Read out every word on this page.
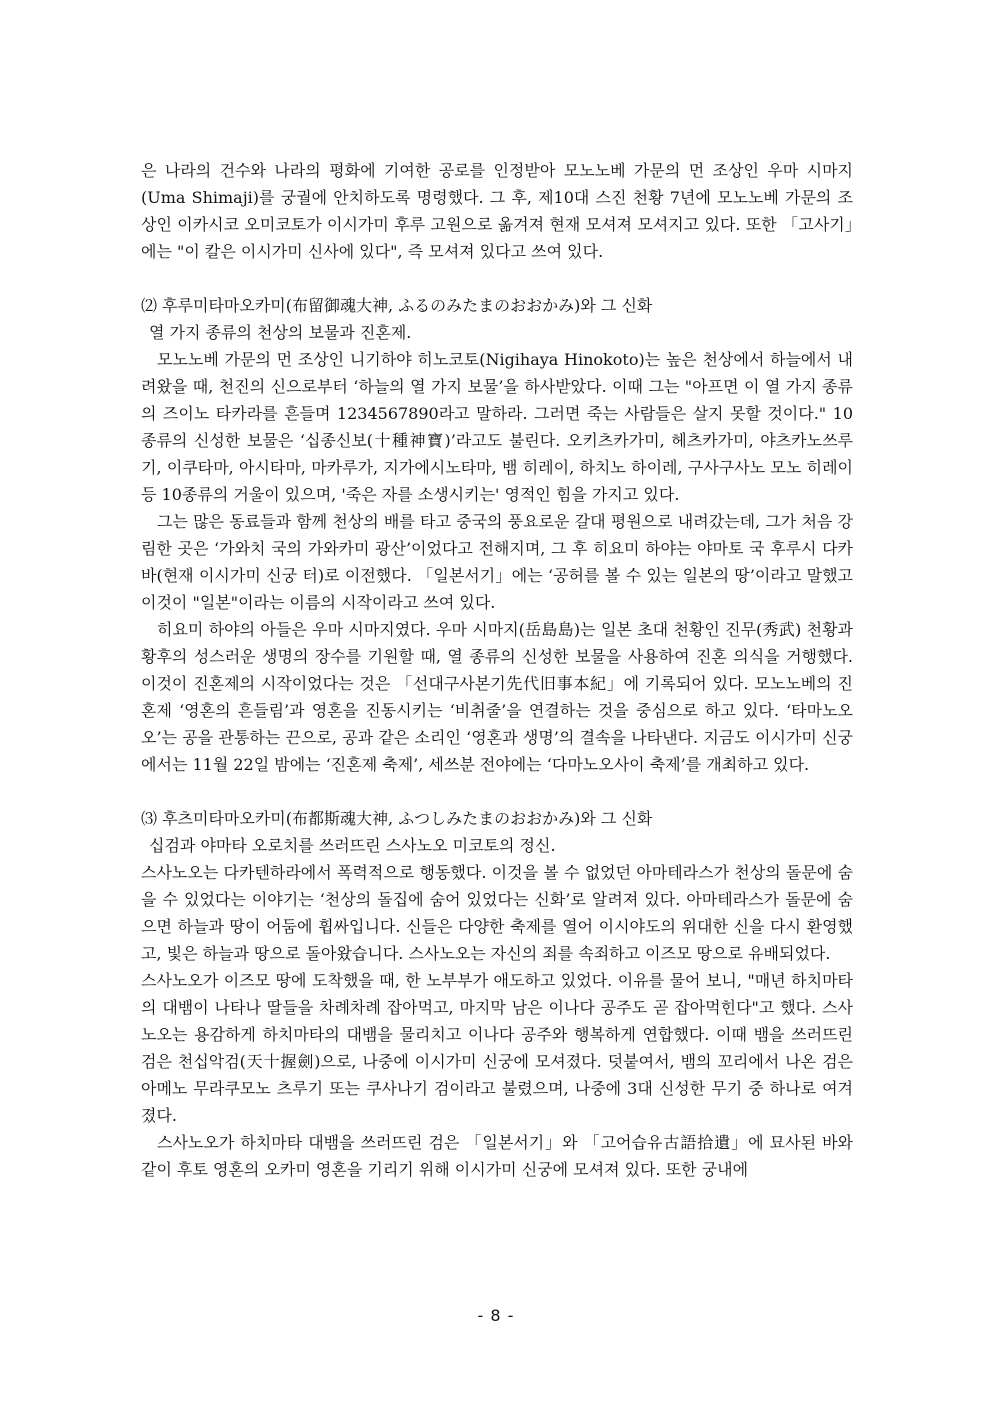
은 나라의 건수와 나라의 평화에 기여한 공로를 인정받아 모노노베 가문의 먼 조상인 우마 시마지(Uma Shimaji)를 궁궐에 안치하도록 명령했다. 그 후, 제10대 스진 천황 7년에 모노노베 가문의 조상인 이카시코 오미코토가 이시가미 후루 고원으로 옮겨져 현재 모셔져 모셔지고 있다. 또한 「고사기」에는 "이 칼은 이시가미 신사에 있다", 즉 모셔져 있다고 쓰여 있다.

⑵ 후루미타마오카미(布留御魂大神, ふるのみたまのおおかみ)와 그 신화

열 가지 종류의 천상의 보물과 진혼제.

모노노베 가문의 먼 조상인 니기하야 히노코토(Nigihaya Hinokoto)는 높은 천상에서 하늘에서 내려왔을 때, 천진의 신으로부터 ‘하늘의 열 가지 보물’을 하사받았다. 이때 그는 "아프면 이 열 가지 종류의 즈이노 타카라를 흔들며 1234567890라고 말하라. 그러면 죽는 사람들은 살지 못할 것이다." 10 종류의 신성한 보물은 ‘십종신보(十種神寶)’라고도 불린다. 오키츠카가미, 헤츠카가미, 야츠카노쓰루기, 이쿠타마, 아시타마, 마카루가, 지가에시노타마, 뱀 히레이, 하치노 하이레, 구사구사노 모노 히레이 등 10종류의 거울이 있으며, '죽은 자를 소생시키는' 영적인 힘을 가지고 있다.

그는 많은 동료들과 함께 천상의 배를 타고 중국의 풍요로운 갈대 평원으로 내려갔는데, 그가 처음 강림한 곳은 ‘가와치 국의 가와카미 광산’이었다고 전해지며, 그 후 히요미 하야는 야마토 국 후루시 다카바(현재 이시가미 신궁 터)로 이전했다. 「일본서기」에는 ‘공허를 볼 수 있는 일본의 땅’이라고 말했고 이것이 "일본"이라는 이름의 시작이라고 쓰여 있다.

히요미 하야의 아들은 우마 시마지였다. 우마 시마지(岳島島)는 일본 초대 천황인 진무(秀武) 천황과 황후의 성스러운 생명의 장수를 기원할 때, 열 종류의 신성한 보물을 사용하여 진혼 의식을 거행했다. 이것이 진혼제의 시작이었다는 것은 「선대구사본기先代旧事本紀」에 기록되어 있다. 모노노베의 진혼제 ‘영혼의 흔들림’과 영혼을 진동시키는 ‘비취줄’을 연결하는 것을 중심으로 하고 있다. ‘타마노오오’는 공을 관통하는 끈으로, 공과 같은 소리인 ‘영혼과 생명’의 결속을 나타낸다. 지금도 이시가미 신궁에서는 11월 22일 밤에는 ‘진혼제 축제’, 세쓰분 전야에는 ‘다마노오사이 축제’를 개최하고 있다.

⑶ 후츠미타마오카미(布都斯魂大神, ふつしみたまのおおかみ)와 그 신화

십검과 야마타 오로치를 쓰러뜨린 스사노오 미코토의 정신.

스사노오는 다카텐하라에서 폭력적으로 행동했다. 이것을 볼 수 없었던 아마테라스가 천상의 돌문에 숨을 수 있었다는 이야기는 ‘천상의 돌집에 숨어 있었다는 신화’로 알려져 있다. 아마테라스가 돌문에 숨으면 하늘과 땅이 어둠에 휩싸입니다. 신들은 다양한 축제를 열어 이시야도의 위대한 신을 다시 환영했고, 빛은 하늘과 땅으로 돌아왔습니다. 스사노오는 자신의 죄를 속죄하고 이즈모 땅으로 유배되었다.

스사노오가 이즈모 땅에 도착했을 때, 한 노부부가 애도하고 있었다. 이유를 물어 보니, "매년 하치마타의 대뱀이 나타나 딸들을 차례차례 잡아먹고, 마지막 남은 이나다 공주도 곧 잡아먹힌다"고 했다. 스사노오는 용감하게 하치마타의 대뱀을 물리치고 이나다 공주와 행복하게 연합했다. 이때 뱀을 쓰러뜨린 검은 천십악검(天十握劍)으로, 나중에 이시가미 신궁에 모셔졌다. 덧붙여서, 뱀의 꼬리에서 나온 검은 아메노 무라쿠모노 츠루기 또는 쿠사나기 검이라고 불렸으며, 나중에 3대 신성한 무기 중 하나로 여겨졌다.

스사노오가 하치마타 대뱀을 쓰러뜨린 검은 「일본서기」와 「고어습유古語拾遺」에 묘사된 바와 같이 후토 영혼의 오카미 영혼을 기리기 위해 이시가미 신궁에 모셔져 있다. 또한 궁내에

- 8 -
